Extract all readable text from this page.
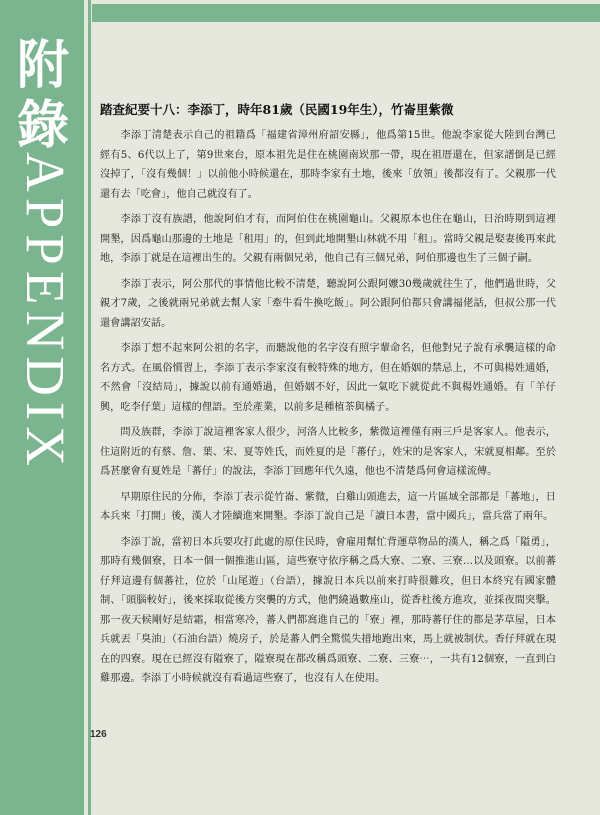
附
錄
APPENDIX
踏查紀要十八：李添丁，時年81歲（民國19年生），竹崙里紫微

李添丁清楚表示自己的祖籍爲「福建省漳州府詔安縣」，他爲第15世。他說李家從大陸到台灣已經有5、6代以上了，第9世來台，原本祖先是住在桃園南崁那一帶，現在祖厝還在，但家譜倒是已經沒掉了，「沒有幾個！」以前他小時候還在，那時李家有土地，後來「放領」後都沒有了。父親那一代還有去「吃會」，他自己就沒有了。

李添丁沒有族譜，他說阿伯才有，而阿伯住在桃園龜山。父親原本也住在龜山，日治時期到這裡開墾，因爲龜山那邊的土地是「租用」的，但到此地開墾山林就不用「租」。當時父親是娶妻後再來此地，李添丁就是在這裡出生的。父親有兩個兄弟，他自己有三個兄弟，阿伯那邊也生了三個子嗣。

李添丁表示，阿公那代的事情他比較不清楚，聽說阿公跟阿嬤30幾歲就往生了，他們過世時，父親才7歲，之後就兩兄弟就去幫人家「牽牛看牛換吃飯」。阿公跟阿伯都只會講福佬話，但叔公那一代還會講詔安話。

李添丁想不起來阿公祖的名字，而聽說他的名字沒有照字輩命名，但他對兄子說有承襲這樣的命名方式。在風俗慣習上，李添丁表示李家沒有較特殊的地方，但在婚姻的禁忌上，不可與楊姓通婚，不然會「沒結局」，據說以前有通婚過，但婚姻不好，因此一氣吃下就從此不與楊姓通婚。有「羊仔興，吃李仔葉」這樣的俚語。至於產業，以前多是種植茶與橘子。

問及族群，李添丁說這裡客家人很少，河洛人比較多，紫微這裡僅有兩三戶是客家人。他表示，住這附近的有蔡、詹、葉、宋、夏等姓氏，而姓夏的是「蕃仔」，姓宋的是客家人，宋就夏相鄰。至於爲甚麼會有夏姓是「蕃仔」的說法，李添丁回應年代久遠，他也不清楚爲何會這樣流傳。

早期原住民的分佈，李添丁表示從竹崙、紫微，白雞山頭進去，這一片區域全部都是「蕃地」，日本兵來「打開」後，漢人才陸續進來開墾。李添丁說自己是「讀日本書，當中國兵」，當兵當了兩年。

李添丁說，當初日本兵要攻打此處的原住民時，會雇用幫忙背運草物品的漢人，稱之爲「隘勇」，那時有幾個寮，日本一個一個推進山區，這些寮守依序稱之爲大寮、二寮、三寮…以及頭寮。以前蕃仔拜這邊有個蕃社，位於「山尾遊」（台語），據說日本兵以前來打時很難攻，但日本終究有國家體制、「頭腦較好」，後來採取從後方突襲的方式，他們繞過數座山，從香杜後方進攻，並採夜間突擊。那一夜天候剛好是結霜，相當寒冷，蕃人們都窩進自己的「寮」裡，那時蕃仔住的都是茅草屋，日本兵就丟「臭油」（石油台語）燒房子，於是蕃人們全驚慌失措地跑出來，馬上就被制伏。香仔拜就在現在的四寮。現在已經沒有隘寮了，隘寮現在都改稱爲頭寮、二寮、三寮⋯，一共有12個寮，一直到白雞那邊。李添丁小時候就沒有看過這些寮了，也沒有人在使用。

126
